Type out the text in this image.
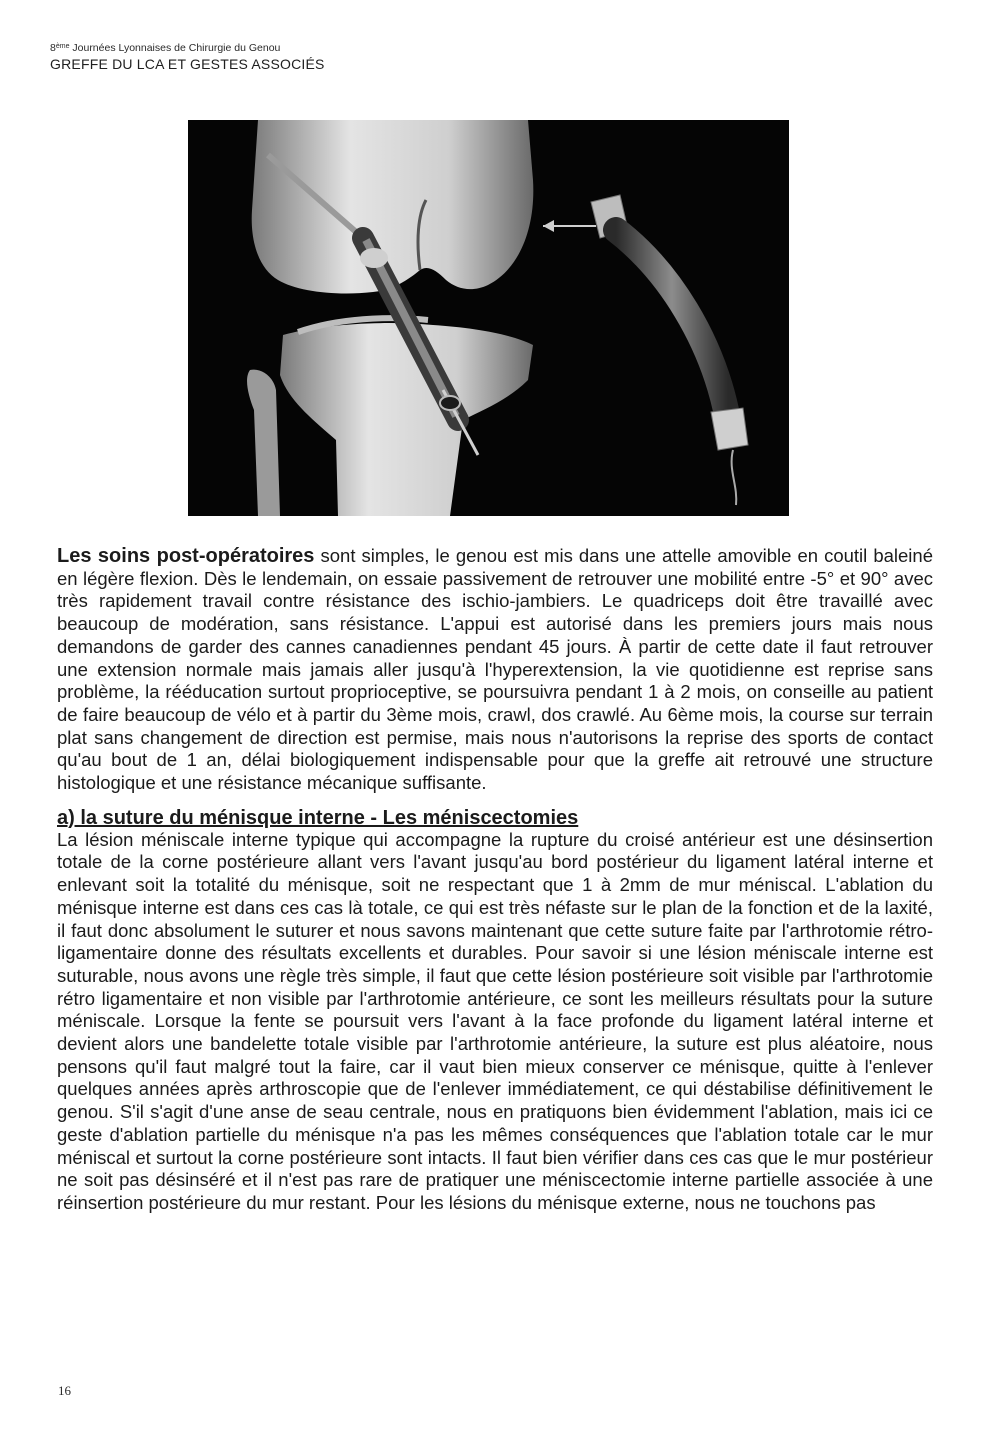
8ème Journées Lyonnaises de Chirurgie du Genou
GREFFE DU LCA ET GESTES ASSOCIÉS

Les soins post-opératoires sont simples, le genou est mis dans une attelle amovible en coutil baleiné en légère flexion. Dès le lendemain, on essaie passivement de retrouver une mobilité entre -5° et 90° avec très rapidement travail contre résistance des ischio-jambiers. Le quadriceps doit être travaillé avec beaucoup de modération, sans résistance. L'appui est autorisé dans les premiers jours mais nous demandons de garder des cannes canadiennes pendant 45 jours. À partir de cette date il faut retrouver une extension normale mais jamais aller jusqu'à l'hyperextension, la vie quotidienne est reprise sans problème, la rééducation surtout proprioceptive, se poursuivra pendant 1 à 2 mois, on conseille au patient de faire beaucoup de vélo et à partir du 3ème mois, crawl, dos crawlé. Au 6ème mois, la course sur terrain plat sans changement de direction est permise, mais nous n'autorisons la reprise des sports de contact qu'au bout de 1 an, délai biologiquement indispensable pour que la greffe ait retrouvé une structure histologique et une résistance mécanique suffisante.

a) la suture du ménisque interne - Les méniscectomies

La lésion méniscale interne typique qui accompagne la rupture du croisé antérieur est une désinsertion totale de la corne postérieure allant vers l'avant jusqu'au bord postérieur du ligament latéral interne et enlevant soit la totalité du ménisque, soit ne respectant que 1 à 2mm de mur méniscal. L'ablation du ménisque interne est dans ces cas là totale, ce qui est très néfaste sur le plan de la fonction et de la laxité, il faut donc absolument le suturer et nous savons maintenant que cette suture faite par l'arthrotomie rétro-ligamentaire donne des résultats excellents et durables. Pour savoir si une lésion méniscale interne est suturable, nous avons une règle très simple, il faut que cette lésion postérieure soit visible par l'arthrotomie rétro ligamentaire et non visible par l'arthrotomie antérieure, ce sont les meilleurs résultats pour la suture méniscale. Lorsque la fente se poursuit vers l'avant à la face profonde du ligament latéral interne et devient alors une bandelette totale visible par l'arthrotomie antérieure, la suture est plus aléatoire, nous pensons qu'il faut malgré tout la faire, car il vaut bien mieux conserver ce ménisque, quitte à l'enlever quelques années après arthroscopie que de l'enlever immédiatement, ce qui déstabilise définitivement le genou. S'il s'agit d'une anse de seau centrale, nous en pratiquons bien évidemment l'ablation, mais ici ce geste d'ablation partielle du ménisque n'a pas les mêmes conséquences que l'ablation totale car le mur méniscal et surtout la corne postérieure sont intacts. Il faut bien vérifier dans ces cas que le mur postérieur ne soit pas désinséré et il n'est pas rare de pratiquer une méniscectomie interne partielle associée à une réinsertion postérieure du mur restant. Pour les lésions du ménisque externe, nous ne touchons pas

16
